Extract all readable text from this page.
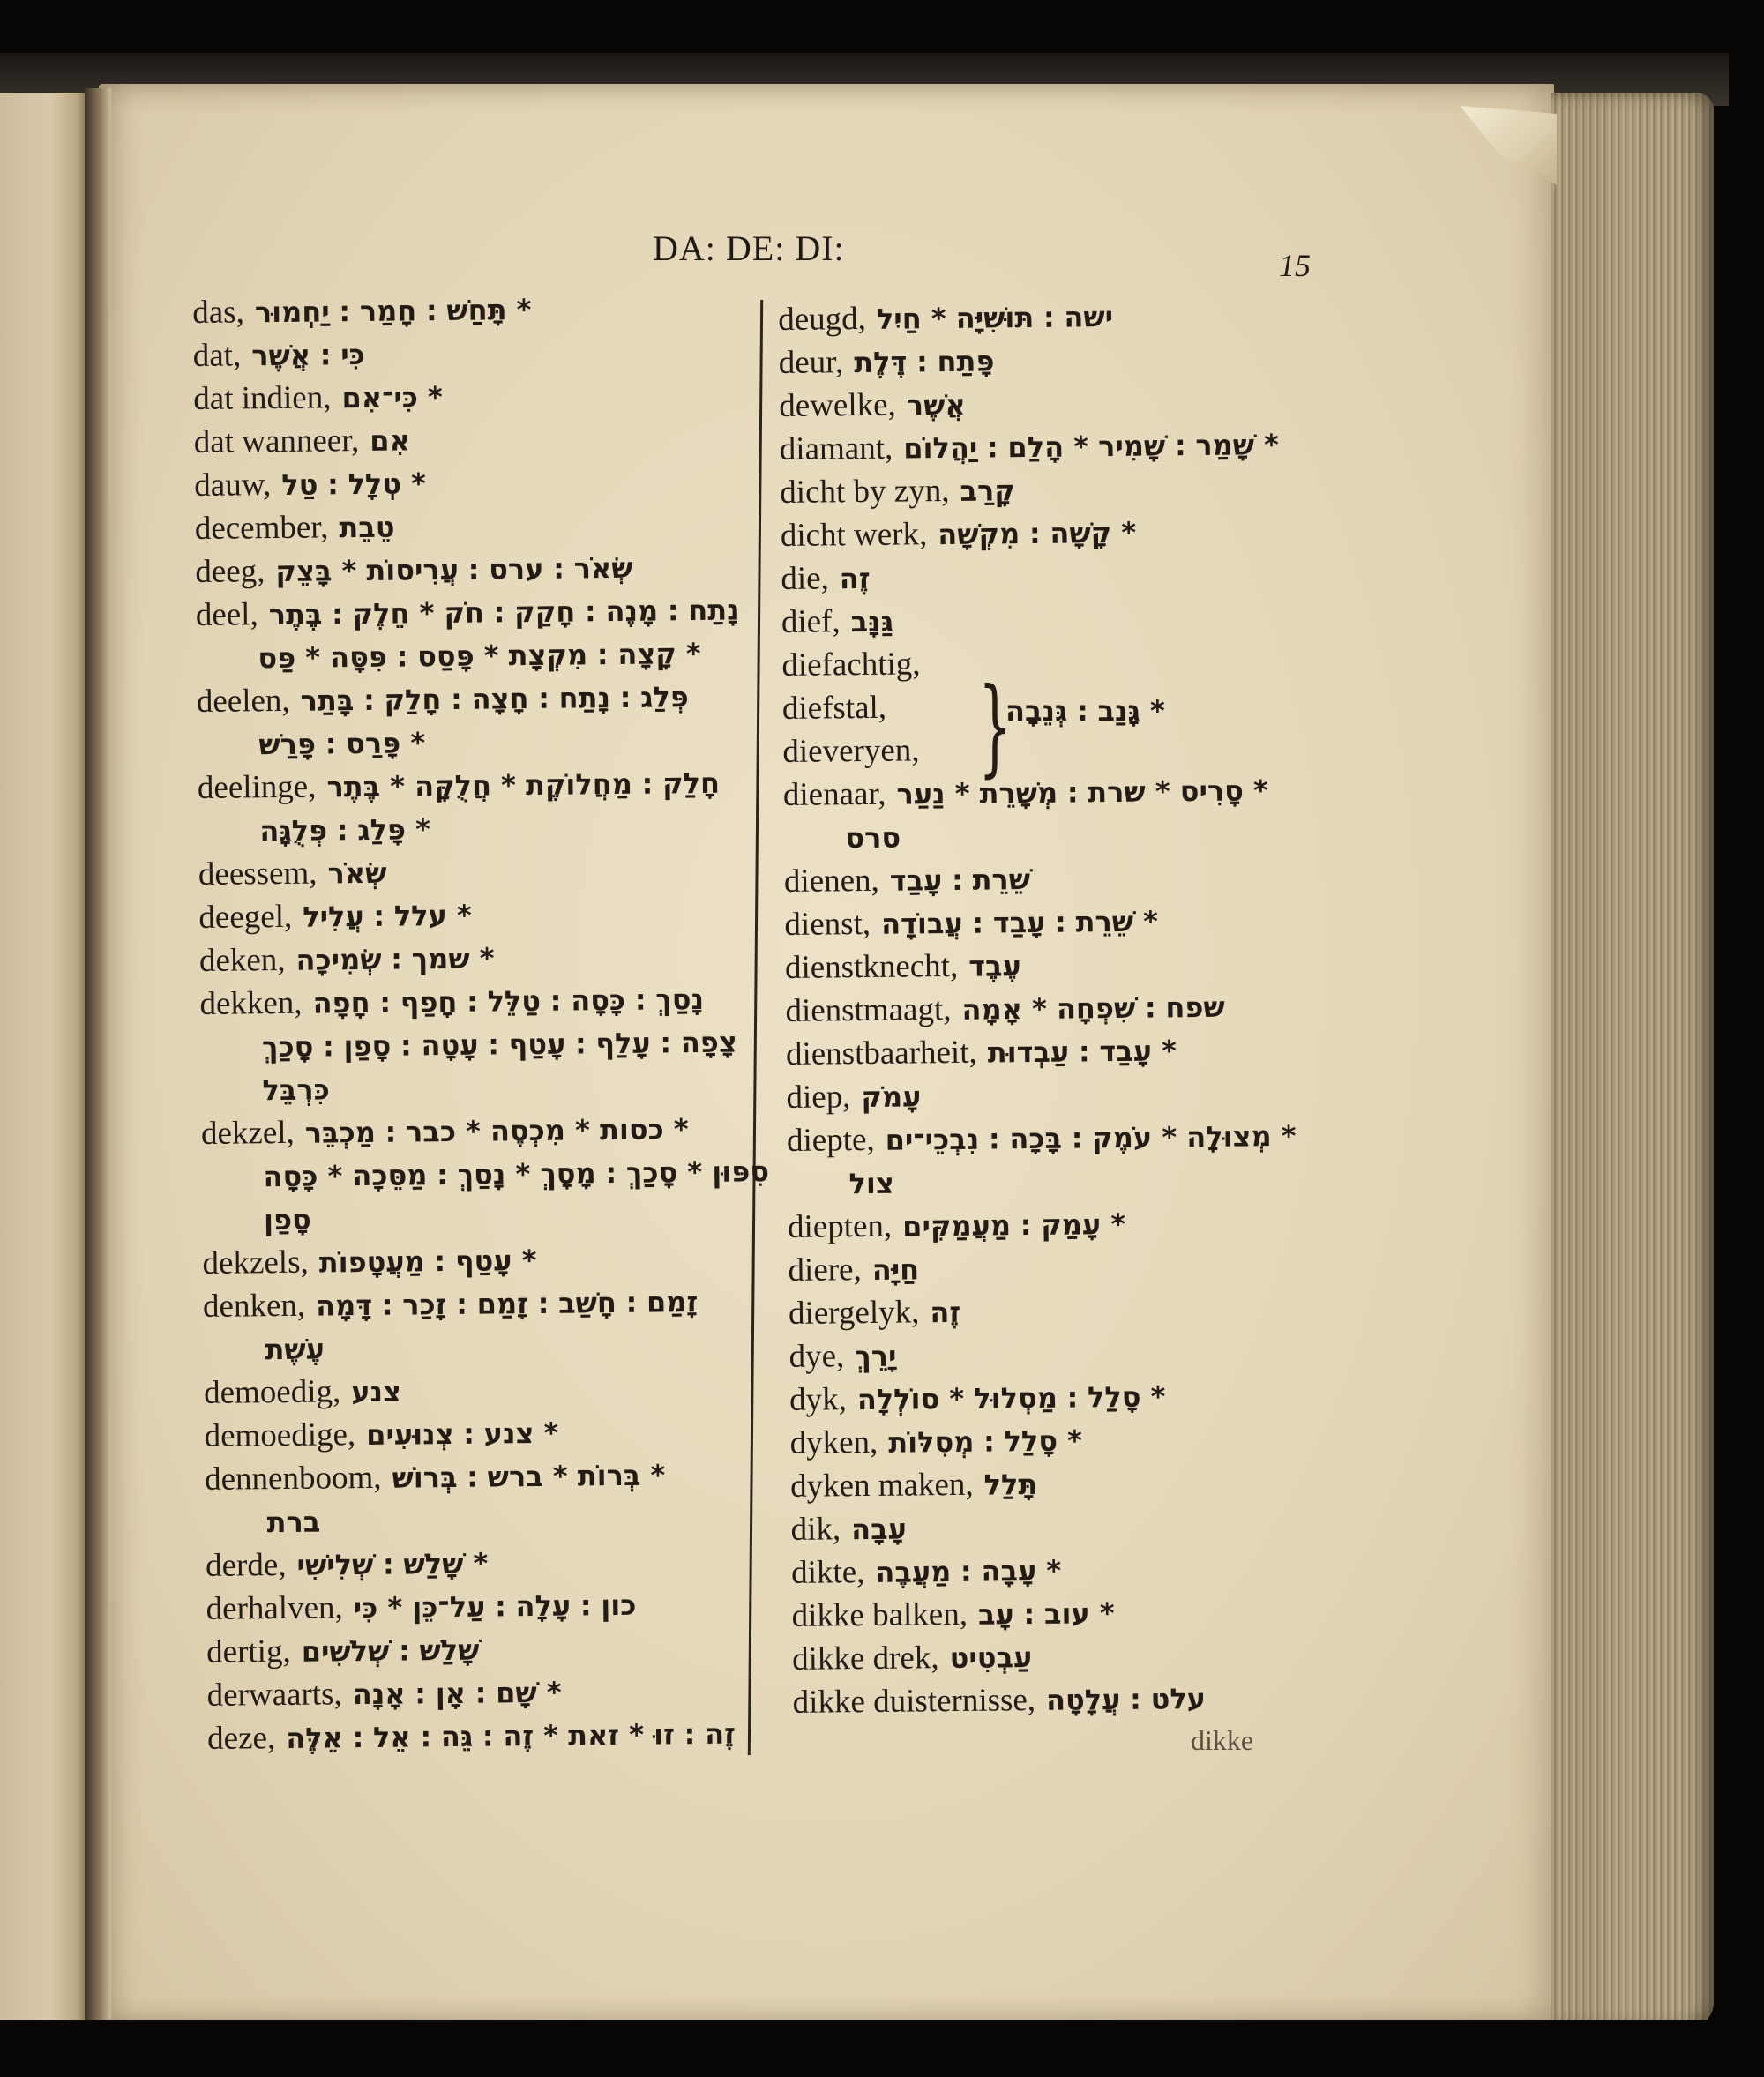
DA: DE: DI:	15
das, * תָּחַשׁ ׃ חָמַר ׃ יַחְמוּר
dat, כִּי ׃ אֲשֶׁר
dat indien, * כִּי־אִם
dat wanneer, אִם
dauw, * טְלָל ׃ טַל
december, טֵבֵת
deeg, שְׂאֹר ׃ ערס ׃ עֲרִיסוֹת * בָּצֵק
deel, נָתַח ׃ מָנֶה ׃ חָקַק ׃ חֹק * חֵלֶק ׃ בֶּתֶר
* קָצָה ׃ מִקְצָת * פָּסַס ׃ פִּסָּה * פַּס
deelen, פְּלַג ׃ נָתַח ׃ חָצָה ׃ חָלַק ׃ בָּתַר
* פָּרַס ׃ פָּרַשׁ
deelinge, חָלַק ׃ מַחֲלוֹקֶת * חֲלֻקָּה * בֶּתֶר
* פָּלַג ׃ פְּלֻגָּה
deessem, שְׂאֹר
deegel, * עלל ׃ עֲלִיל
deken, * שמך ׃ שְׂמִיכָה
dekken, נָסַךְ ׃ כָּסָה ׃ טַלֵּל ׃ חָפַף ׃ חָפָה
צָפָה ׃ עָלַף ׃ עָטַף ׃ עָטָה ׃ סָפַן ׃ סָכַךְ
כִּרְבֵּל
dekzel, * כסות * מִכְסֶה * כבר ׃ מַכְבֵּר
סִפּוּן * סָכַךְ ׃ מָסָךְ * נָסַךְ ׃ מַסֵּכָה * כָּסָה
סָפַן
dekzels, * עָטַף ׃ מַעֲטָפוֹת
denken, זָמַם ׃ חָשַׁב ׃ זָמַם ׃ זָכַר ׃ דָּמָה
עֶשֶׁת
demoedig, צנע
demoedige, * צנע ׃ צְנוּעִים
dennenboom, * בְּרוֹת * ברש ׃ בְּרוֹשׁ
ברת
derde, * שָׁלַשׁ ׃ שְׁלִישִׁי
derhalven, כון ׃ עָלָה ׃ עַל־כֵּן * כִּי
dertig, שָׁלַשׁ ׃ שְׁלֹשִׁים
derwaarts, * שָׁם ׃ אָן ׃ אָנָה
deze, זֶה ׃ זוּ * זאת * זֶה ׃ גֵּה ׃ אֵל ׃ אֵלֶּה
deugd, ישה ׃ תּוּשִׁיָּה * חַיִל
deur, פָּתַח ׃ דֶּלֶת
dewelke, אֲשֶׁר
diamant, * שָׁמַר ׃ שָׁמִיר * הָלַם ׃ יַהֲלוֹם
dicht by zyn, קָרַב
dicht werk, * קָשָׁה ׃ מִקְשָׁה
die, זֶה
dief, גַּנָּב
diefachtig,
diefstal,
dieveryen,
dienaar, * סָרִיס * שרת ׃ מְשָׁרֵת * נַעַר
סרס
dienen, שֵׁרֵת ׃ עָבַד
dienst, * שֵׁרֵת ׃ עָבַד ׃ עֲבוֹדָה
dienstknecht, עֶבֶד
dienstmaagt, שפח ׃ שִׁפְחָה * אָמָה
dienstbaarheit, * עָבַד ׃ עַבְדוּת
diep, עָמֹק
diepte, * מְצוּלָה * עֹמֶק ׃ בָּכָה ׃ נִבְכֵי־ים
צול
diepten, * עָמַק ׃ מַעֲמַקִּים
diere, חַיָּה
diergelyk, זֶה
dye, יָרֵךְ
dyk, * סָלַל ׃ מַסְלוּל * סוֹלְלָה
dyken, * סָלַל ׃ מְסִלּוֹת
dyken maken, תָּלַל
dik, עָבָה
dikte, * עָבָה ׃ מַעֲבֶה
dikke balken, * עוב ׃ עָב
dikke drek, עַבְטִיט
dikke duisternisse, עלט ׃ עֲלָטָה
}
* גָּנַב ׃ גְּנֵבָה
dikke
